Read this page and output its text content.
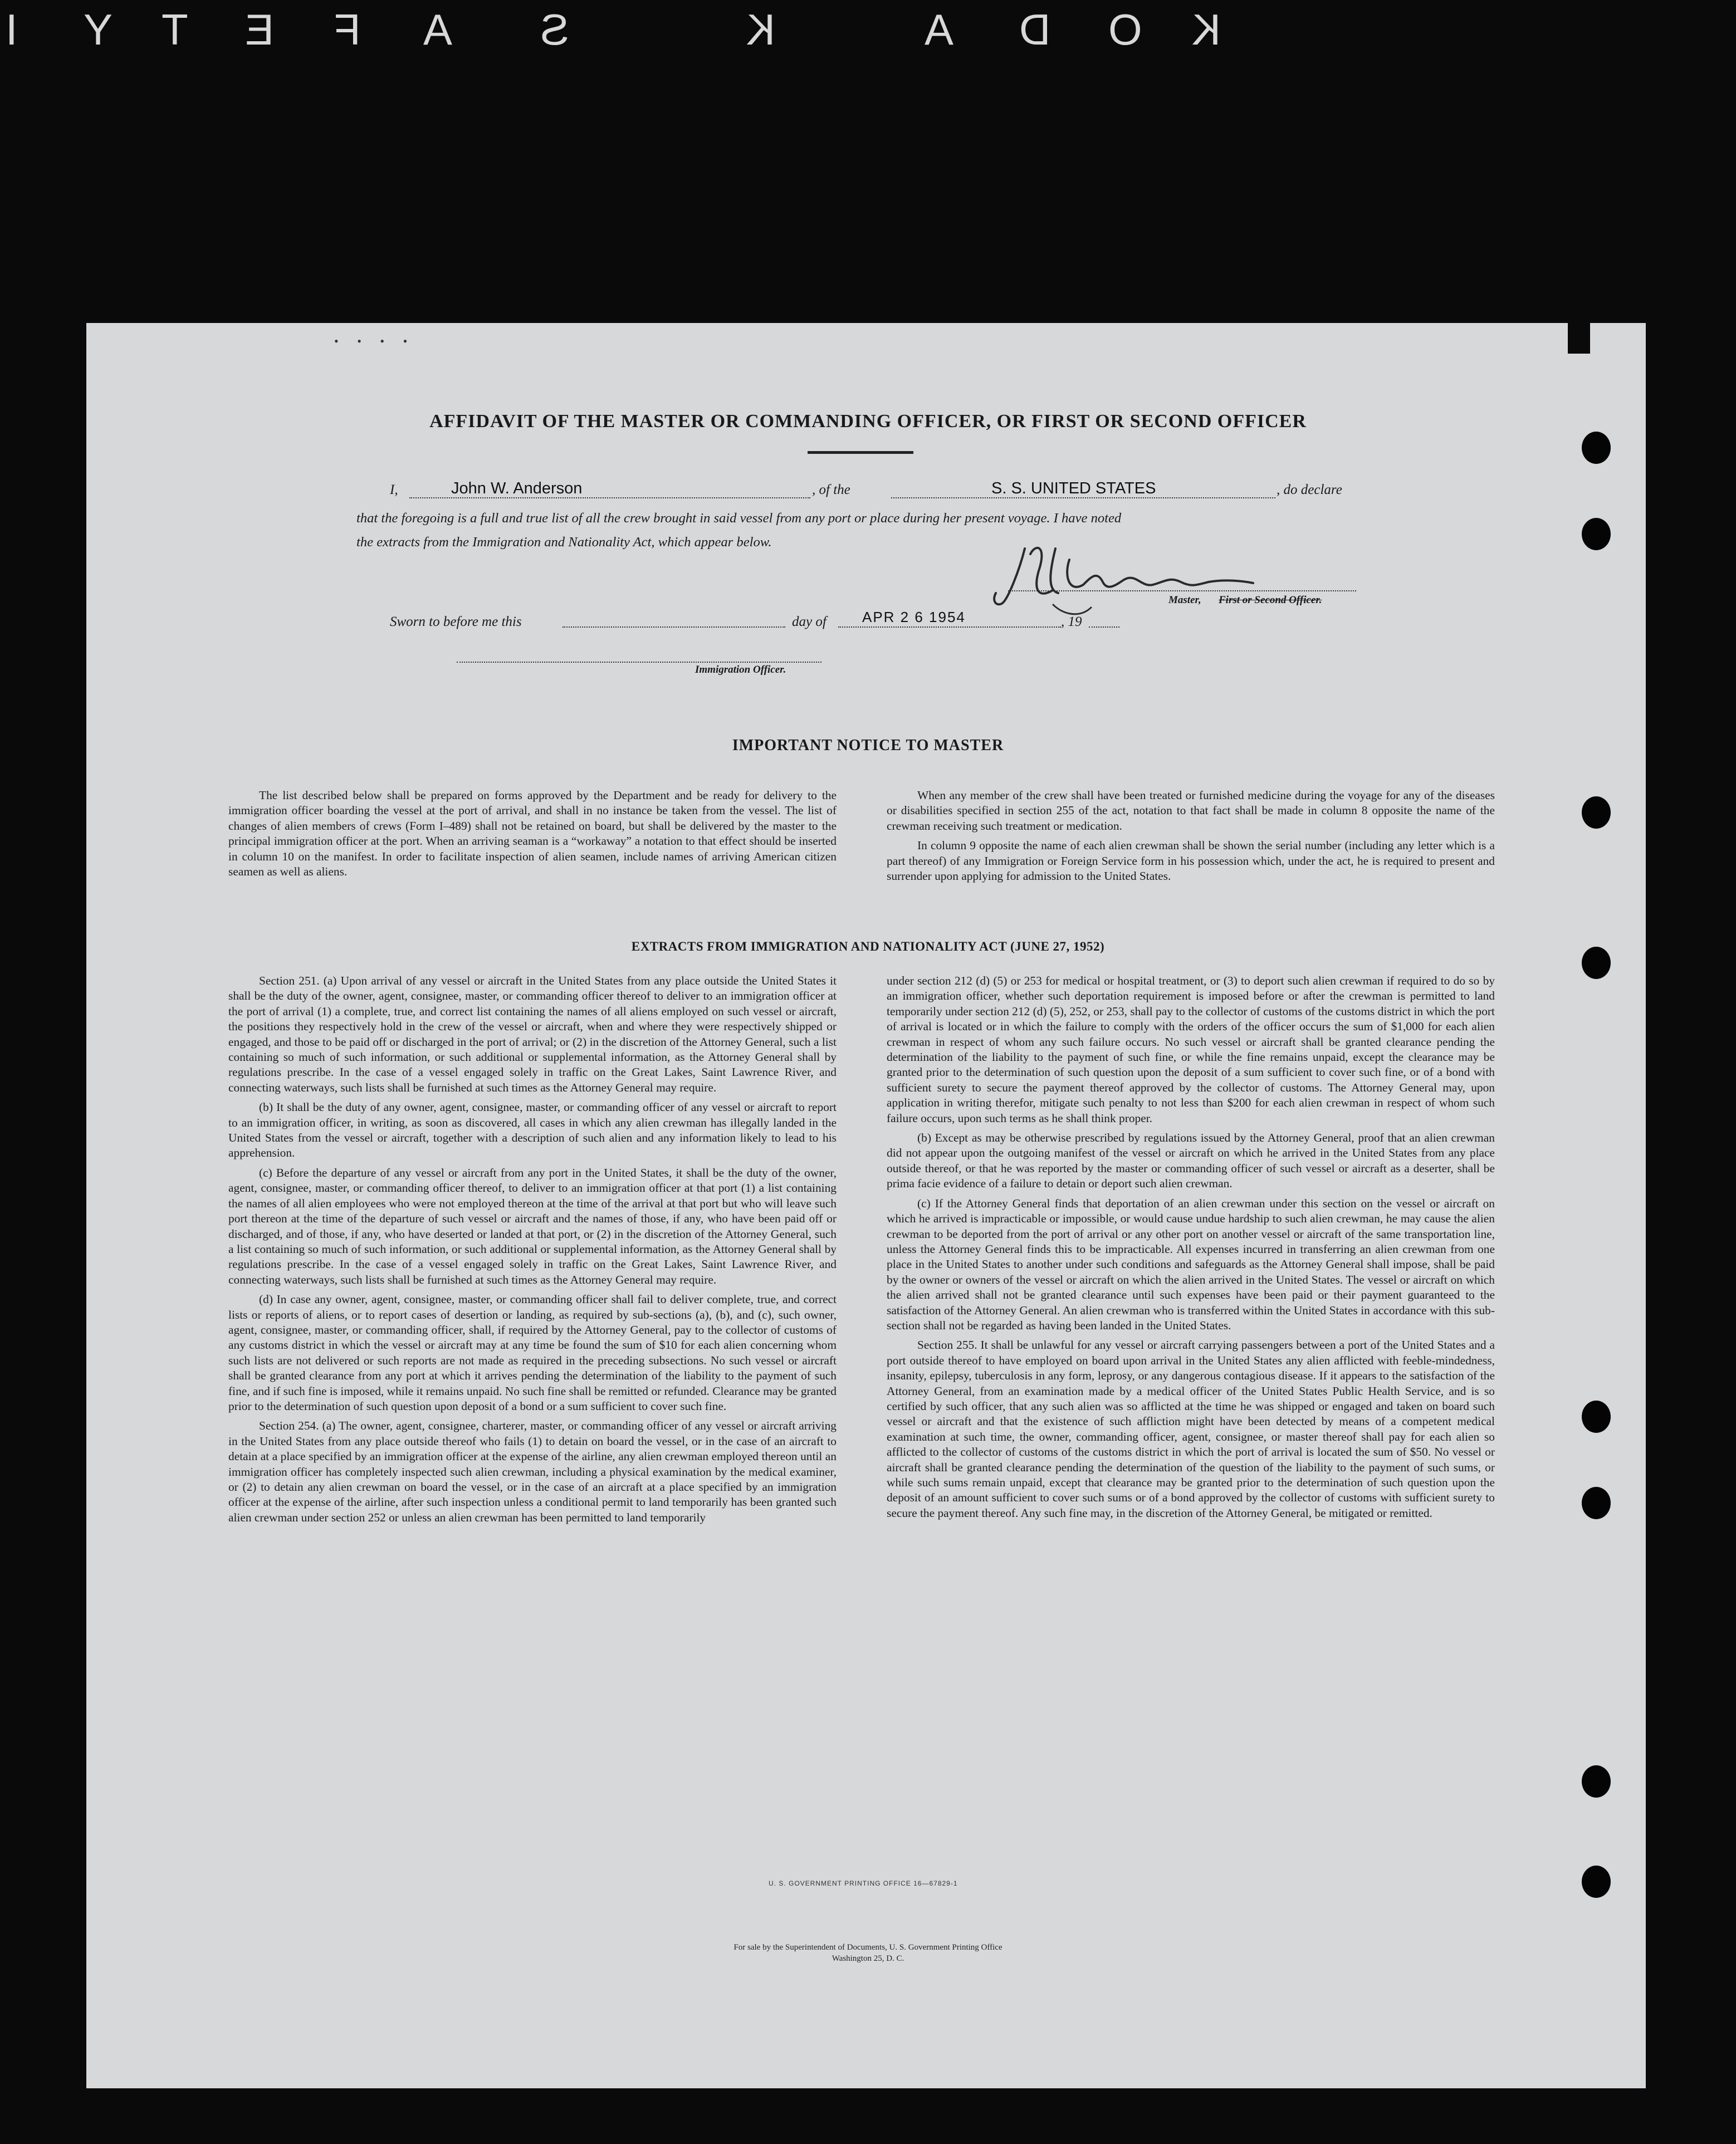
I Y T E F A S	K	A D O K
• • • •
AFFIDAVIT OF THE MASTER OR COMMANDING OFFICER, OR FIRST OR SECOND OFFICER
I,	John W. Anderson	, of the	S. S. UNITED STATES	, do declare
that the foregoing is a full and true list of all the crew brought in said vessel from any port or place during her present voyage. I have noted
the extracts from the Immigration and Nationality Act, which appear below.
Master, First or Second Officer.
Sworn to before me this	day of APR 2 6 1954	, 19
Immigration Officer.
IMPORTANT NOTICE TO MASTER

The list described below shall be prepared on forms approved by the Department and be ready for delivery to the immigration officer boarding the vessel at the port of arrival, and shall in no instance be taken from the vessel. The list of changes of alien members of crews (Form I–489) shall not be retained on board, but shall be delivered by the master to the principal immigration officer at the port. When an arriving seaman is a “workaway” a notation to that effect should be inserted in column 10 on the manifest. In order to facilitate inspection of alien seamen, include names of arriving American citizen seamen as well as aliens.

When any member of the crew shall have been treated or furnished medicine during the voyage for any of the diseases or disabilities specified in section 255 of the act, notation to that fact shall be made in column 8 opposite the name of the crewman receiving such treatment or medication.

In column 9 opposite the name of each alien crewman shall be shown the serial number (including any letter which is a part thereof) of any Immigration or Foreign Service form in his possession which, under the act, he is required to present and surrender upon applying for admission to the United States.

EXTRACTS FROM IMMIGRATION AND NATIONALITY ACT (JUNE 27, 1952)

Section 251. (a) Upon arrival of any vessel or aircraft in the United States from any place outside the United States it shall be the duty of the owner, agent, consignee, master, or commanding officer thereof to deliver to an immigration officer at the port of arrival (1) a complete, true, and correct list containing the names of all aliens employed on such vessel or aircraft, the positions they respectively hold in the crew of the vessel or aircraft, when and where they were respectively shipped or engaged, and those to be paid off or discharged in the port of arrival; or (2) in the discretion of the Attorney General, such a list containing so much of such information, or such additional or supplemental information, as the Attorney General shall by regulations prescribe. In the case of a vessel engaged solely in traffic on the Great Lakes, Saint Lawrence River, and connecting waterways, such lists shall be furnished at such times as the Attorney General may require.

(b) It shall be the duty of any owner, agent, consignee, master, or commanding officer of any vessel or aircraft to report to an immigration officer, in writing, as soon as discovered, all cases in which any alien crewman has illegally landed in the United States from the vessel or aircraft, together with a description of such alien and any information likely to lead to his apprehension.

(c) Before the departure of any vessel or aircraft from any port in the United States, it shall be the duty of the owner, agent, consignee, master, or commanding officer thereof, to deliver to an immigration officer at that port (1) a list containing the names of all alien employees who were not employed thereon at the time of the arrival at that port but who will leave such port thereon at the time of the departure of such vessel or aircraft and the names of those, if any, who have been paid off or discharged, and of those, if any, who have deserted or landed at that port, or (2) in the discretion of the Attorney General, such a list containing so much of such information, or such additional or supplemental information, as the Attorney General shall by regulations prescribe. In the case of a vessel engaged solely in traffic on the Great Lakes, Saint Lawrence River, and connecting waterways, such lists shall be furnished at such times as the Attorney General may require.

(d) In case any owner, agent, consignee, master, or commanding officer shall fail to deliver complete, true, and correct lists or reports of aliens, or to report cases of desertion or landing, as required by sub-sections (a), (b), and (c), such owner, agent, consignee, master, or commanding officer, shall, if required by the Attorney General, pay to the collector of customs of any customs district in which the vessel or aircraft may at any time be found the sum of $10 for each alien concerning whom such lists are not delivered or such reports are not made as required in the preceding subsections. No such vessel or aircraft shall be granted clearance from any port at which it arrives pending the determination of the liability to the payment of such fine, and if such fine is imposed, while it remains unpaid. No such fine shall be remitted or refunded. Clearance may be granted prior to the determination of such question upon deposit of a bond or a sum sufficient to cover such fine.

Section 254. (a) The owner, agent, consignee, charterer, master, or commanding officer of any vessel or aircraft arriving in the United States from any place outside thereof who fails (1) to detain on board the vessel, or in the case of an aircraft to detain at a place specified by an immigration officer at the expense of the airline, any alien crewman employed thereon until an immigration officer has completely inspected such alien crewman, including a physical examination by the medical examiner, or (2) to detain any alien crewman on board the vessel, or in the case of an aircraft at a place specified by an immigration officer at the expense of the airline, after such inspection unless a conditional permit to land temporarily has been granted such alien crewman under section 252 or unless an alien crewman has been permitted to land temporarily

under section 212 (d) (5) or 253 for medical or hospital treatment, or (3) to deport such alien crewman if required to do so by an immigration officer, whether such deportation requirement is imposed before or after the crewman is permitted to land temporarily under section 212 (d) (5), 252, or 253, shall pay to the collector of customs of the customs district in which the port of arrival is located or in which the failure to comply with the orders of the officer occurs the sum of $1,000 for each alien crewman in respect of whom any such failure occurs. No such vessel or aircraft shall be granted clearance pending the determination of the liability to the payment of such fine, or while the fine remains unpaid, except the clearance may be granted prior to the determination of such question upon the deposit of a sum sufficient to cover such fine, or of a bond with sufficient surety to secure the payment thereof approved by the collector of customs. The Attorney General may, upon application in writing therefor, mitigate such penalty to not less than $200 for each alien crewman in respect of whom such failure occurs, upon such terms as he shall think proper.

(b) Except as may be otherwise prescribed by regulations issued by the Attorney General, proof that an alien crewman did not appear upon the outgoing manifest of the vessel or aircraft on which he arrived in the United States from any place outside thereof, or that he was reported by the master or commanding officer of such vessel or aircraft as a deserter, shall be prima facie evidence of a failure to detain or deport such alien crewman.

(c) If the Attorney General finds that deportation of an alien crewman under this section on the vessel or aircraft on which he arrived is impracticable or impossible, or would cause undue hardship to such alien crewman, he may cause the alien crewman to be deported from the port of arrival or any other port on another vessel or aircraft of the same transportation line, unless the Attorney General finds this to be impracticable. All expenses incurred in transferring an alien crewman from one place in the United States to another under such conditions and safeguards as the Attorney General shall impose, shall be paid by the owner or owners of the vessel or aircraft on which the alien arrived in the United States. The vessel or aircraft on which the alien arrived shall not be granted clearance until such expenses have been paid or their payment guaranteed to the satisfaction of the Attorney General. An alien crewman who is transferred within the United States in accordance with this sub-section shall not be regarded as having been landed in the United States.

Section 255. It shall be unlawful for any vessel or aircraft carrying passengers between a port of the United States and a port outside thereof to have employed on board upon arrival in the United States any alien afflicted with feeble-mindedness, insanity, epilepsy, tuberculosis in any form, leprosy, or any dangerous contagious disease. If it appears to the satisfaction of the Attorney General, from an examination made by a medical officer of the United States Public Health Service, and is so certified by such officer, that any such alien was so afflicted at the time he was shipped or engaged and taken on board such vessel or aircraft and that the existence of such affliction might have been detected by means of a competent medical examination at such time, the owner, commanding officer, agent, consignee, or master thereof shall pay for each alien so afflicted to the collector of customs of the customs district in which the port of arrival is located the sum of $50. No vessel or aircraft shall be granted clearance pending the determination of the question of the liability to the payment of such sums, or while such sums remain unpaid, except that clearance may be granted prior to the determination of such question upon the deposit of an amount sufficient to cover such sums or of a bond approved by the collector of customs with sufficient surety to secure the payment thereof. Any such fine may, in the discretion of the Attorney General, be mitigated or remitted.

U. S. GOVERNMENT PRINTING OFFICE 16—67829-1
For sale by the Superintendent of Documents, U. S. Government Printing Office
Washington 25, D. C.
